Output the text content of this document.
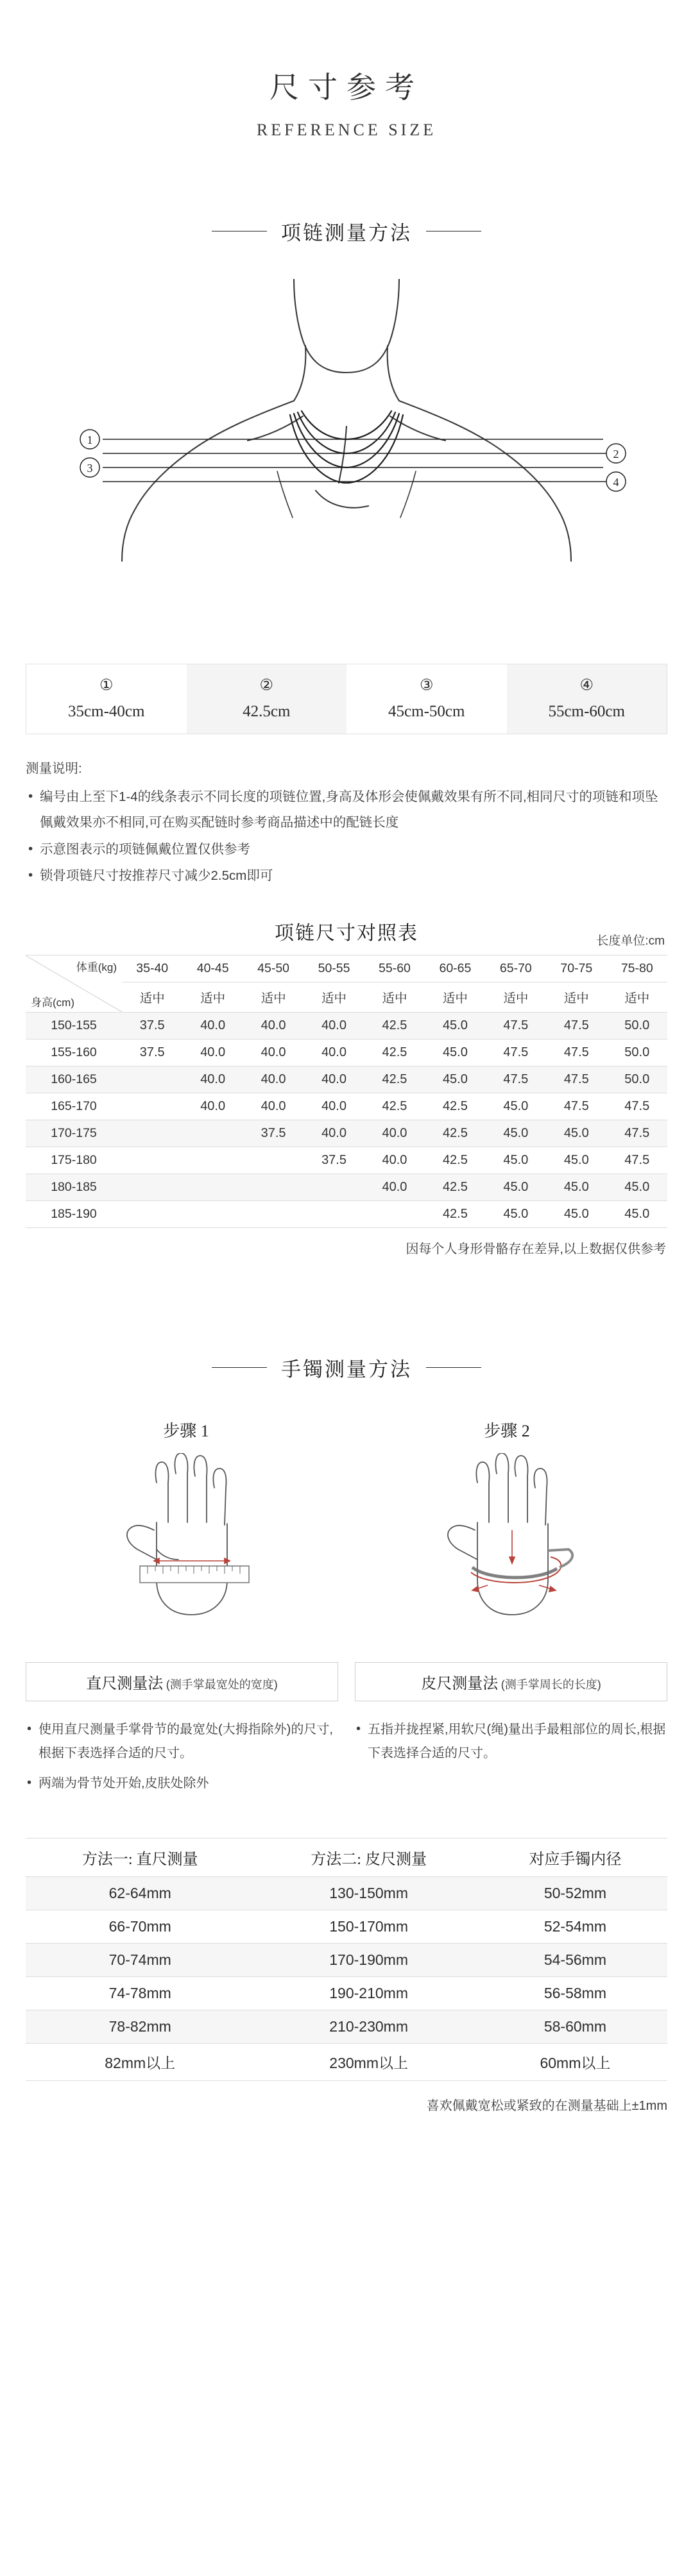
尺寸参考
REFERENCE SIZE
项链测量方法
1
3
2
4
①
35cm-40cm
②
42.5cm
③
45cm-50cm
④
55cm-60cm
测量说明:
• 编号由上至下1-4的线条表示不同长度的项链位置,身高及体形会使佩戴效果有所不同,相同尺寸的项链和项坠佩戴效果亦不相同,可在购买配链时参考商品描述中的配链长度
• 示意图表示的项链佩戴位置仅供参考
• 锁骨项链尺寸按推荐尺寸减少2.5cm即可
项链尺寸对照表	长度单位:cm
体重(kg)
身高(cm)	35-40	40-45	45-50	50-55	55-60	60-65	65-70	70-75	75-80
	适中	适中	适中	适中	适中	适中	适中	适中	适中
150-155	37.5	40.0	40.0	40.0	42.5	45.0	47.5	47.5	50.0
155-160	37.5	40.0	40.0	40.0	42.5	45.0	47.5	47.5	50.0
160-165		40.0	40.0	40.0	42.5	45.0	47.5	47.5	50.0
165-170		40.0	40.0	40.0	42.5	42.5	45.0	47.5	47.5
170-175			37.5	40.0	40.0	42.5	45.0	45.0	47.5
175-180				37.5	40.0	42.5	45.0	45.0	47.5
180-185					40.0	42.5	45.0	45.0	45.0
185-190						42.5	45.0	45.0	45.0
因每个人身形骨骼存在差异,以上数据仅供参考
手镯测量方法
步骤 1	步骤 2
直尺测量法 (测手掌最宽处的宽度)	皮尺测量法 (测手掌周长的长度)
• 使用直尺测量手掌骨节的最宽处(大拇指除外)的尺寸,根据下表选择合适的尺寸。
• 两端为骨节处开始,皮肤处除外
• 五指并拢捏紧,用软尺(绳)量出手最粗部位的周长,根据下表选择合适的尺寸。
方法一: 直尺测量	方法二: 皮尺测量	对应手镯内径
62-64mm	130-150mm	50-52mm
66-70mm	150-170mm	52-54mm
70-74mm	170-190mm	54-56mm
74-78mm	190-210mm	56-58mm
78-82mm	210-230mm	58-60mm
82mm以上	230mm以上	60mm以上
喜欢佩戴宽松或紧致的在测量基础上±1mm
